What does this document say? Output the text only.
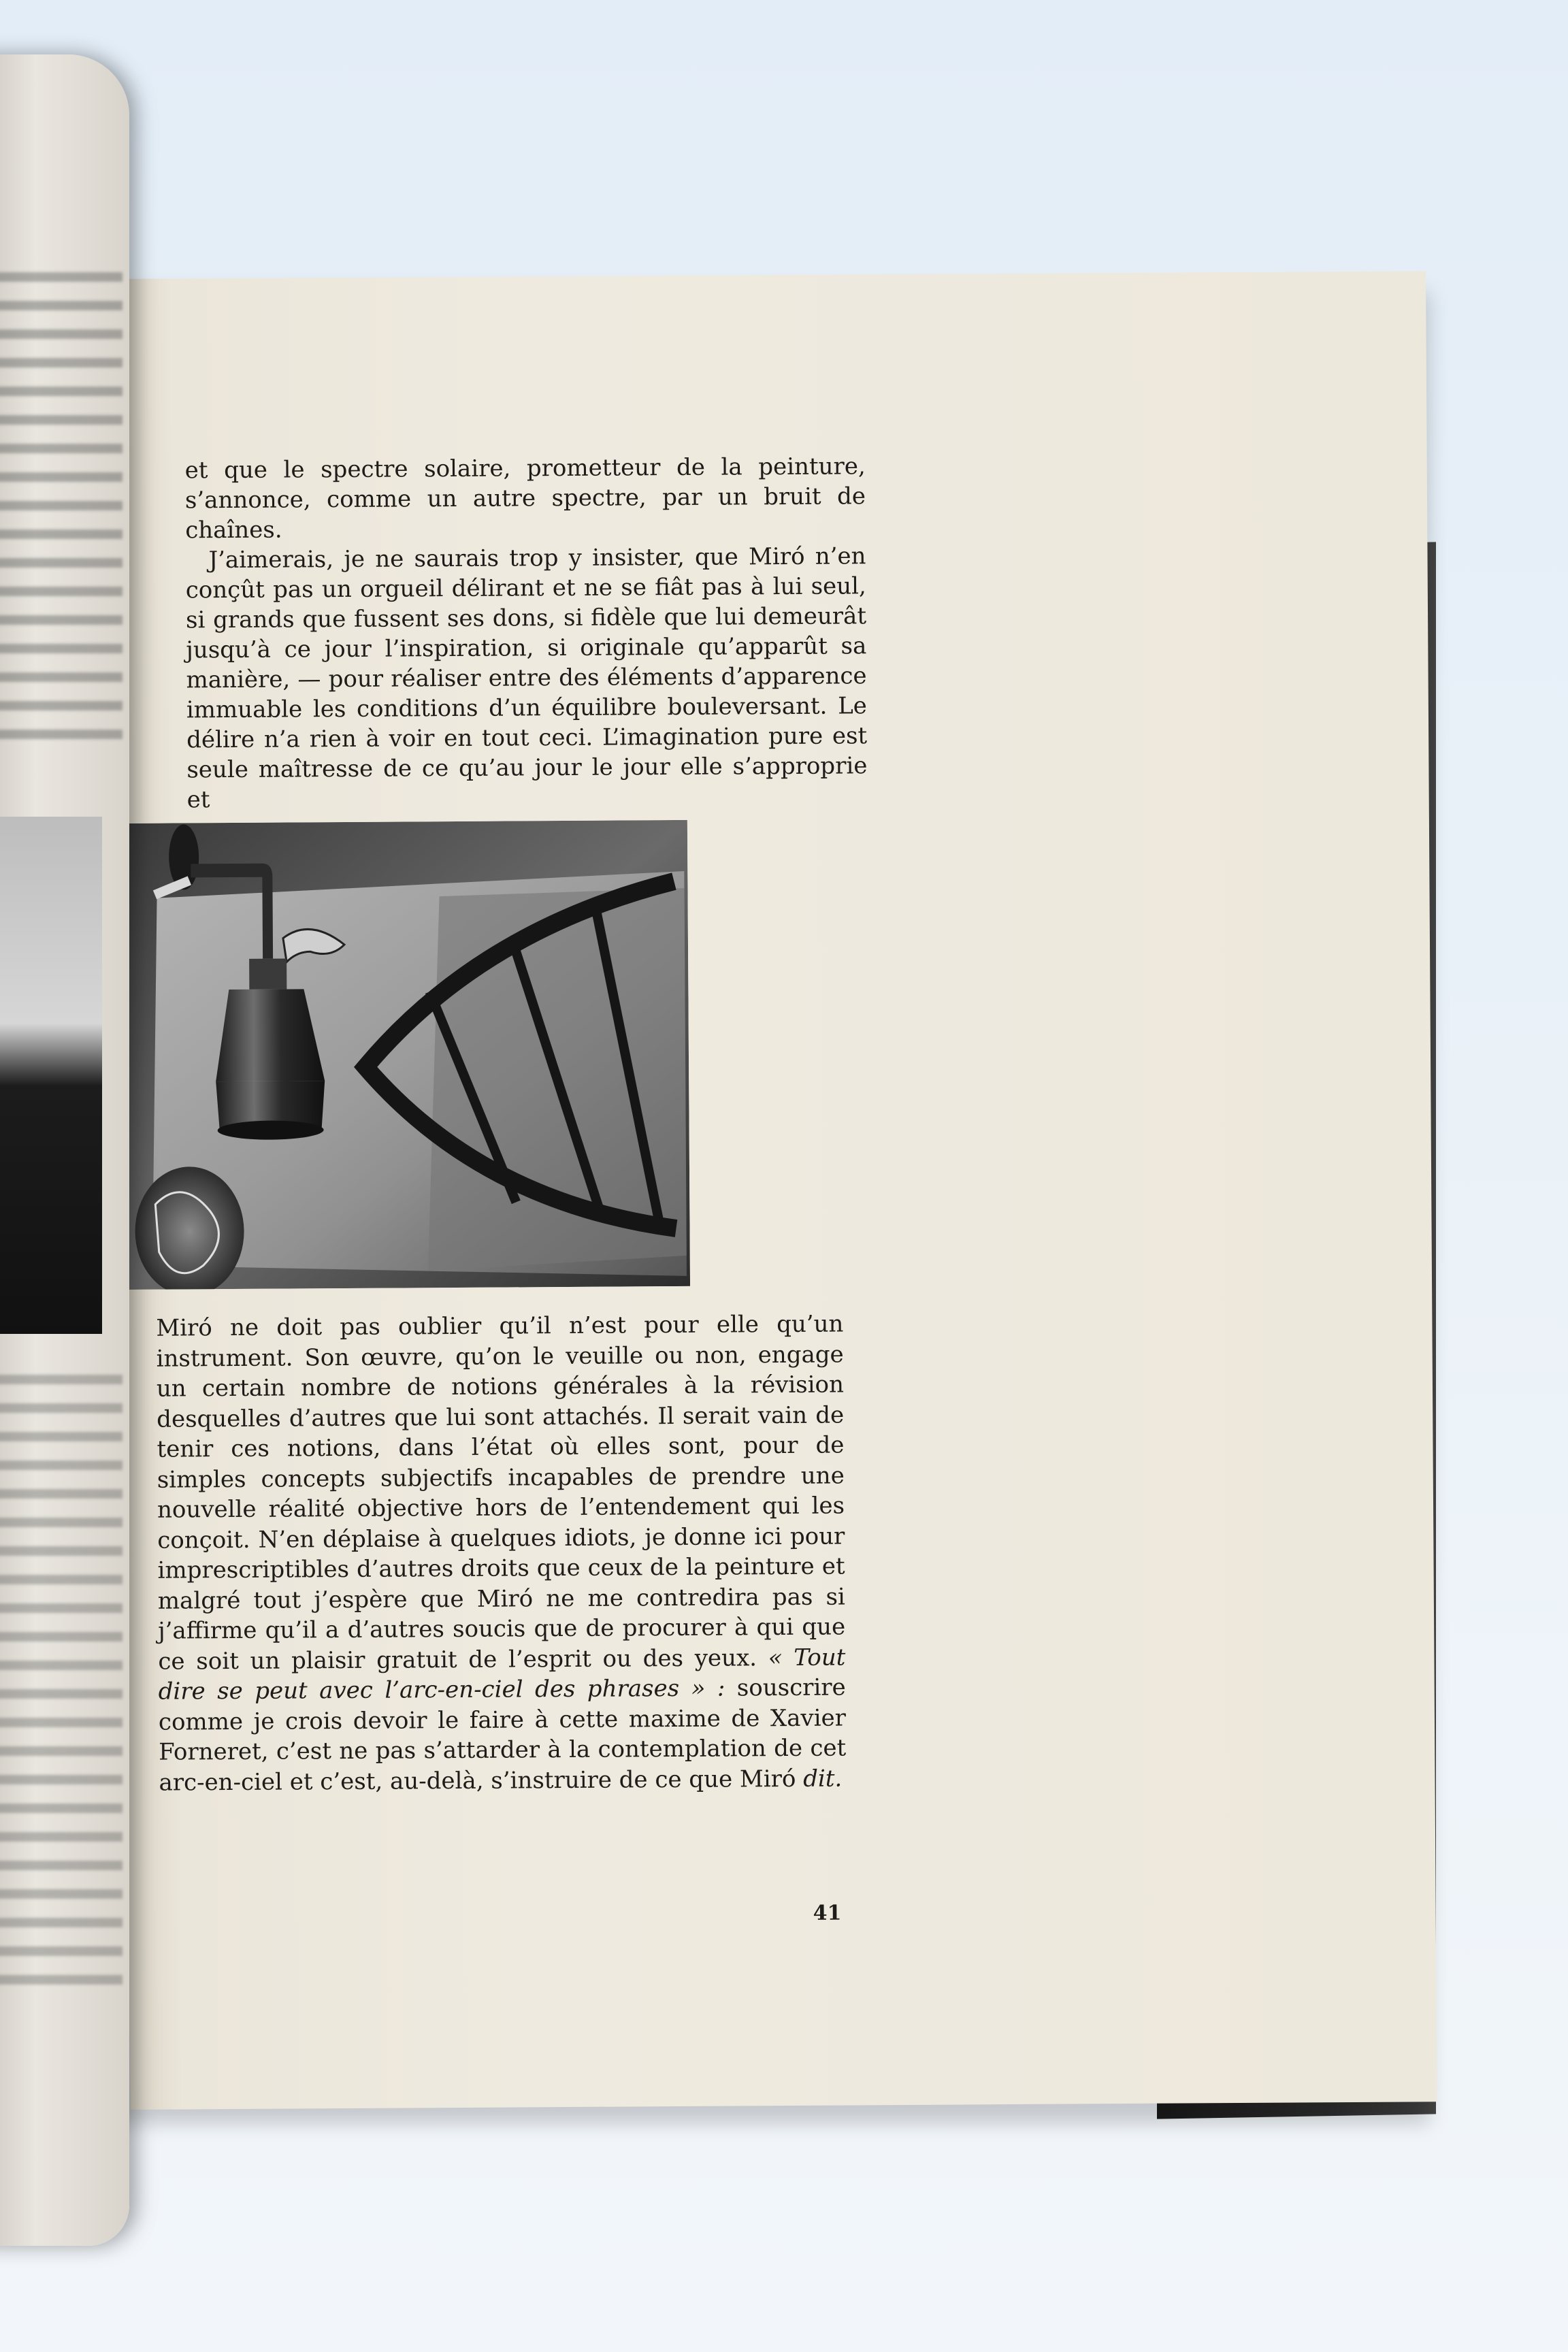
et que le spectre solaire, prometteur de la peinture, s’annonce, comme un autre spectre, par un bruit de chaînes.
J’aimerais, je ne saurais trop y insister, que Miró n’en conçût pas un orgueil délirant et ne se fiât pas à lui seul, si grands que fussent ses dons, si fidèle que lui demeurât jusqu’à ce jour l’inspiration, si originale qu’apparût sa manière, — pour réaliser entre des éléments d’apparence immuable les conditions d’un équilibre bouleversant. Le délire n’a rien à voir en tout ceci. L’imagination pure est seule maîtresse de ce qu’au jour le jour elle s’approprie et

Miró ne doit pas oublier qu’il n’est pour elle qu’un instrument. Son œuvre, qu’on le veuille ou non, engage un certain nombre de notions générales à la révision desquelles d’autres que lui sont attachés. Il serait vain de tenir ces notions, dans l’état où elles sont, pour de simples concepts subjectifs incapables de prendre une nouvelle réalité objective hors de l’entendement qui les conçoit. N’en déplaise à quelques idiots, je donne ici pour imprescriptibles d’autres droits que ceux de la peinture et malgré tout j’espère que Miró ne me contredira pas si j’affirme qu’il a d’autres soucis que de procurer à qui que ce soit un plaisir gratuit de l’esprit ou des yeux. « Tout dire se peut avec l’arc-en-ciel des phrases » : souscrire comme je crois devoir le faire à cette maxime de Xavier Forneret, c’est ne pas s’attarder à la contemplation de cet arc-en-ciel et c’est, au-delà, s’instruire de ce que Miró dit.

41
